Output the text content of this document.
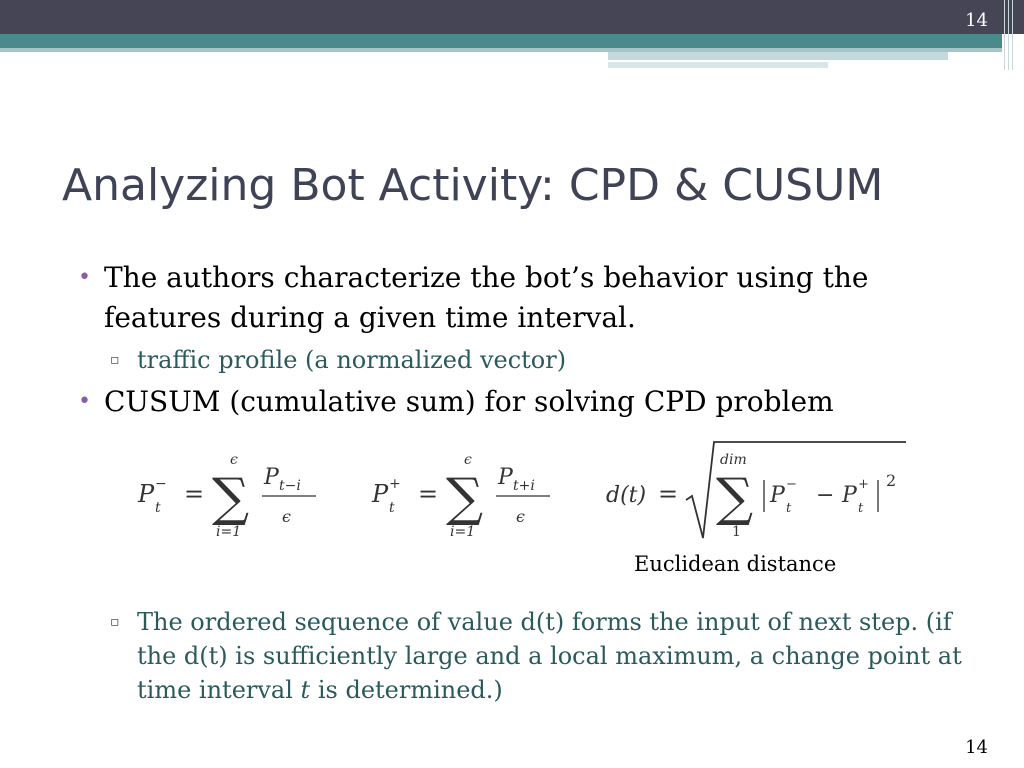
14
Analyzing Bot Activity: CPD & CUSUM
• The authors characterize the bot’s behavior using the features during a given time interval.
▫ traffic profile (a normalized vector)
• CUSUM (cumulative sum) for solving CPD problem
P −
t =
ϵ
∑
i=1
P t−i
ϵ
P +
t =
ϵ
∑
i=1
P t+i
ϵ
d(t) =
dim
∑
1
P −
t
− P +
t
2
Euclidean distance
▫ The ordered sequence of value d(t) forms the input of next step. (if the d(t) is sufficiently large and a local maximum, a change point at time interval t is determined.)
14
